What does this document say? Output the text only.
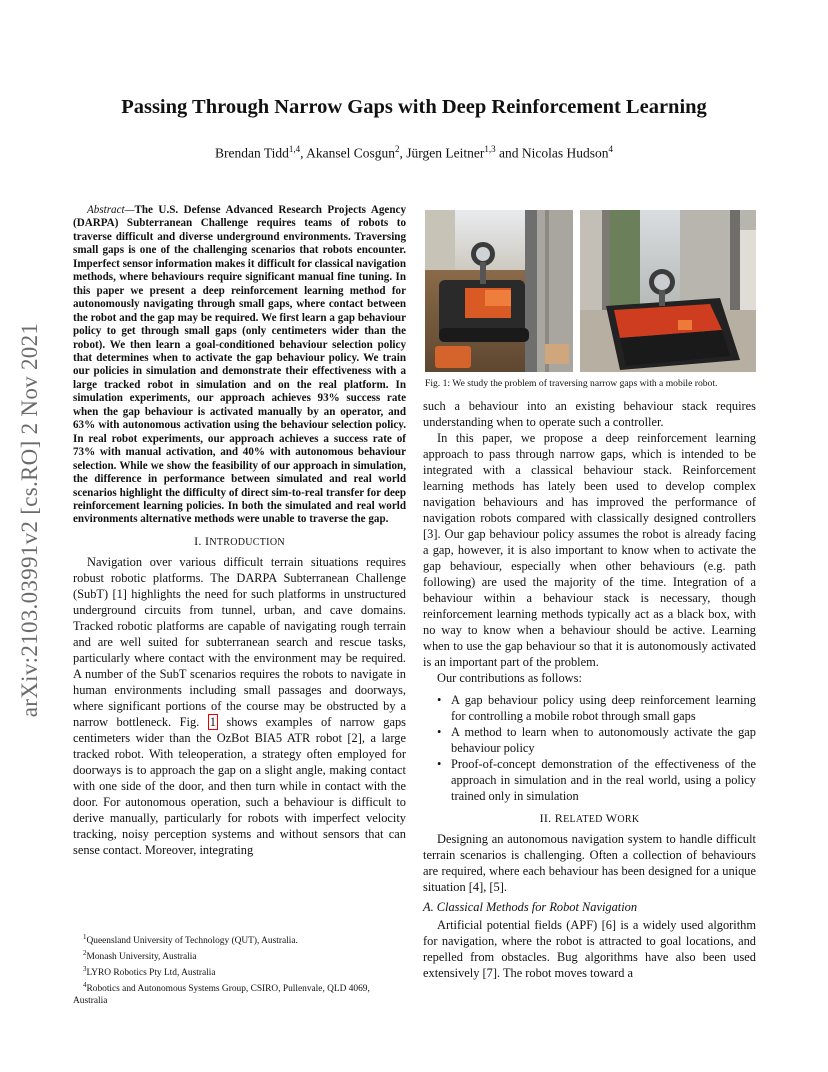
Passing Through Narrow Gaps with Deep Reinforcement Learning
Brendan Tidd$^{1,4}$, Akansel Cosgun$^2$, Jürgen Leitner$^{1,3}$ and Nicolas Hudson$^4$
arXiv:2103.03991v2 [cs.RO] 2 Nov 2021

Abstract—The U.S. Defense Advanced Research Projects Agency (DARPA) Subterranean Challenge requires teams of robots to traverse difficult and diverse underground environments. Traversing small gaps is one of the challenging scenarios that robots encounter. Imperfect sensor information makes it difficult for classical navigation methods, where behaviours require significant manual fine tuning. In this paper we present a deep reinforcement learning method for autonomously navigating through small gaps, where contact between the robot and the gap may be required. We first learn a gap behaviour policy to get through small gaps (only centimeters wider than the robot). We then learn a goal-conditioned behaviour selection policy that determines when to activate the gap behaviour policy. We train our policies in simulation and demonstrate their effectiveness with a large tracked robot in simulation and on the real platform. In simulation experiments, our approach achieves 93% success rate when the gap behaviour is activated manually by an operator, and 63% with autonomous activation using the behaviour selection policy. In real robot experiments, our approach achieves a success rate of 73% with manual activation, and 40% with autonomous behaviour selection. While we show the feasibility of our approach in simulation, the difference in performance between simulated and real world scenarios highlight the difficulty of direct sim-to-real transfer for deep reinforcement learning policies. In both the simulated and real world environments alternative methods were unable to traverse the gap.

I. INTRODUCTION

Navigation over various difficult terrain situations requires robust robotic platforms. The DARPA Subterranean Challenge (SubT) [1] highlights the need for such platforms in unstructured underground circuits from tunnel, urban, and cave domains. Tracked robotic platforms are capable of navigating rough terrain and are well suited for subterranean search and rescue tasks, particularly where contact with the environment may be required. A number of the SubT scenarios requires the robots to navigate in human environments including small passages and doorways, where significant portions of the course may be obstructed by a narrow bottleneck. Fig. 1 shows examples of narrow gaps centimeters wider than the OzBot BIA5 ATR robot [2], a large tracked robot. With teleoperation, a strategy often employed for doorways is to approach the gap on a slight angle, making contact with one side of the door, and then turn while in contact with the door. For autonomous operation, such a behaviour is difficult to derive manually, particularly for robots with imperfect velocity tracking, noisy perception systems and without sensors that can sense contact. Moreover, integrating

Fig. 1: We study the problem of traversing narrow gaps with a mobile robot.

such a behaviour into an existing behaviour stack requires understanding when to operate such a controller.

In this paper, we propose a deep reinforcement learning approach to pass through narrow gaps, which is intended to be integrated with a classical behaviour stack. Reinforcement learning methods has lately been used to develop complex navigation behaviours and has improved the performance of navigation robots compared with classically designed controllers [3]. Our gap behaviour policy assumes the robot is already facing a gap, however, it is also important to know when to activate the gap behaviour, especially when other behaviours (e.g. path following) are used the majority of the time. Integration of a behaviour within a behaviour stack is necessary, though reinforcement learning methods typically act as a black box, with no way to know when a behaviour should be active. Learning when to use the gap behaviour so that it is autonomously activated is an important part of the problem.

Our contributions as follows:

• A gap behaviour policy using deep reinforcement learning for controlling a mobile robot through small gaps
• A method to learn when to autonomously activate the gap behaviour policy
• Proof-of-concept demonstration of the effectiveness of the approach in simulation and in the real world, using a policy trained only in simulation
II. RELATED WORK

Designing an autonomous navigation system to handle difficult terrain scenarios is challenging. Often a collection of behaviours are required, where each behaviour has been designed for a unique situation [4], [5].

A. Classical Methods for Robot Navigation

Artificial potential fields (APF) [6] is a widely used algorithm for navigation, where the robot is attracted to goal locations, and repelled from obstacles. Bug algorithms have also been used extensively [7]. The robot moves toward a

$^1$Queensland University of Technology (QUT), Australia.

$^2$Monash University, Australia

$^3$LYRO Robotics Pty Ltd, Australia

$^4$Robotics and Autonomous Systems Group, CSIRO, Pullenvale, QLD 4069, Australia
